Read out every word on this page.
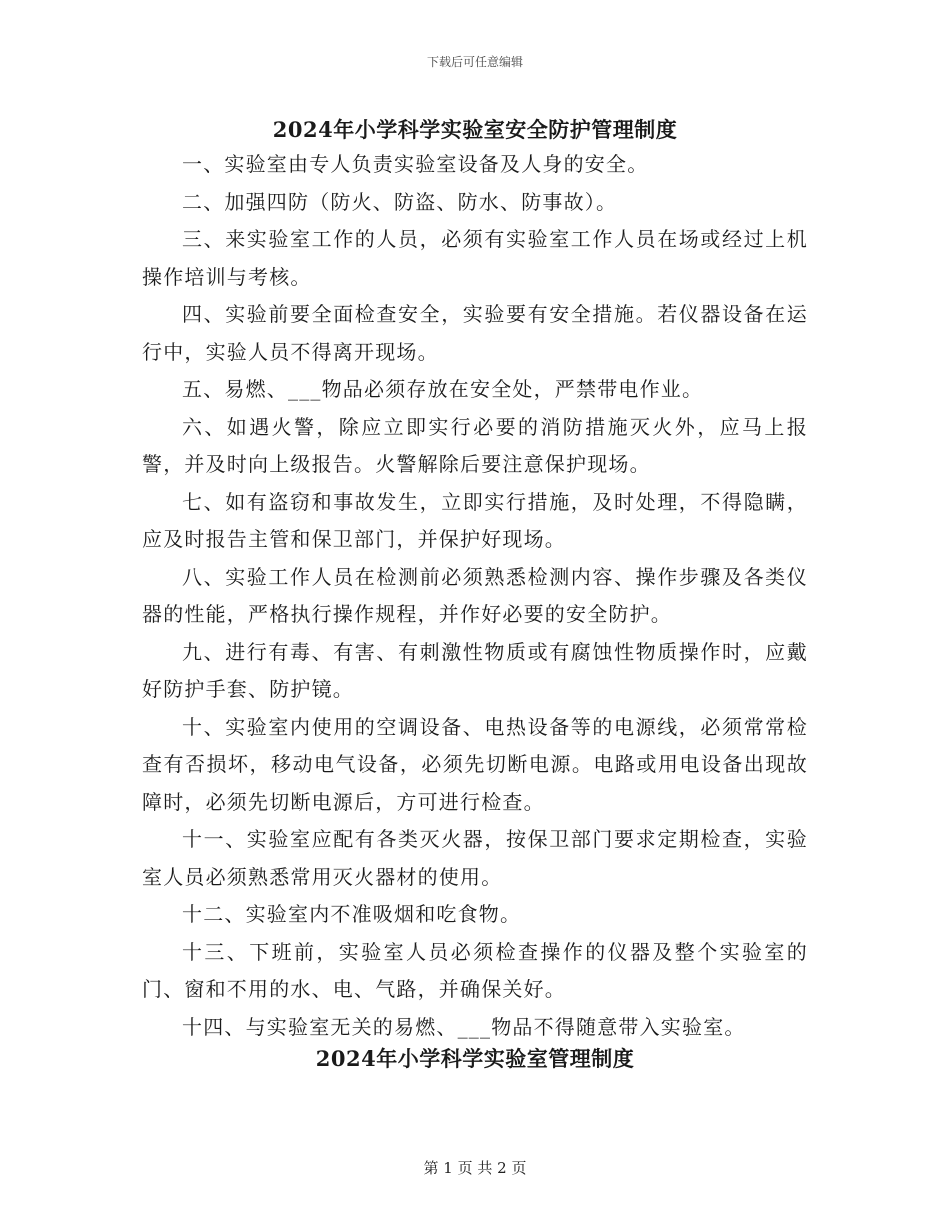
下载后可任意编辑
2024年小学科学实验室安全防护管理制度

一、实验室由专人负责实验室设备及人身的安全。

二、加强四防（防火、防盗、防水、防事故）。

三、来实验室工作的人员，必须有实验室工作人员在场或经过上机操作培训与考核。

四、实验前要全面检查安全，实验要有安全措施。若仪器设备在运行中，实验人员不得离开现场。

五、易燃、___物品必须存放在安全处，严禁带电作业。

六、如遇火警，除应立即实行必要的消防措施灭火外，应马上报警，并及时向上级报告。火警解除后要注意保护现场。

七、如有盗窃和事故发生，立即实行措施，及时处理，不得隐瞒，应及时报告主管和保卫部门，并保护好现场。

八、实验工作人员在检测前必须熟悉检测内容、操作步骤及各类仪器的性能，严格执行操作规程，并作好必要的安全防护。

九、进行有毒、有害、有刺激性物质或有腐蚀性物质操作时，应戴好防护手套、防护镜。

十、实验室内使用的空调设备、电热设备等的电源线，必须常常检查有否损坏，移动电气设备，必须先切断电源。电路或用电设备出现故障时，必须先切断电源后，方可进行检查。

十一、实验室应配有各类灭火器，按保卫部门要求定期检查，实验室人员必须熟悉常用灭火器材的使用。

十二、实验室内不准吸烟和吃食物。

十三、下班前，实验室人员必须检查操作的仪器及整个实验室的门、窗和不用的水、电、气路，并确保关好。

十四、与实验室无关的易燃、___物品不得随意带入实验室。

2024年小学科学实验室管理制度
第 1 页 共 2 页
